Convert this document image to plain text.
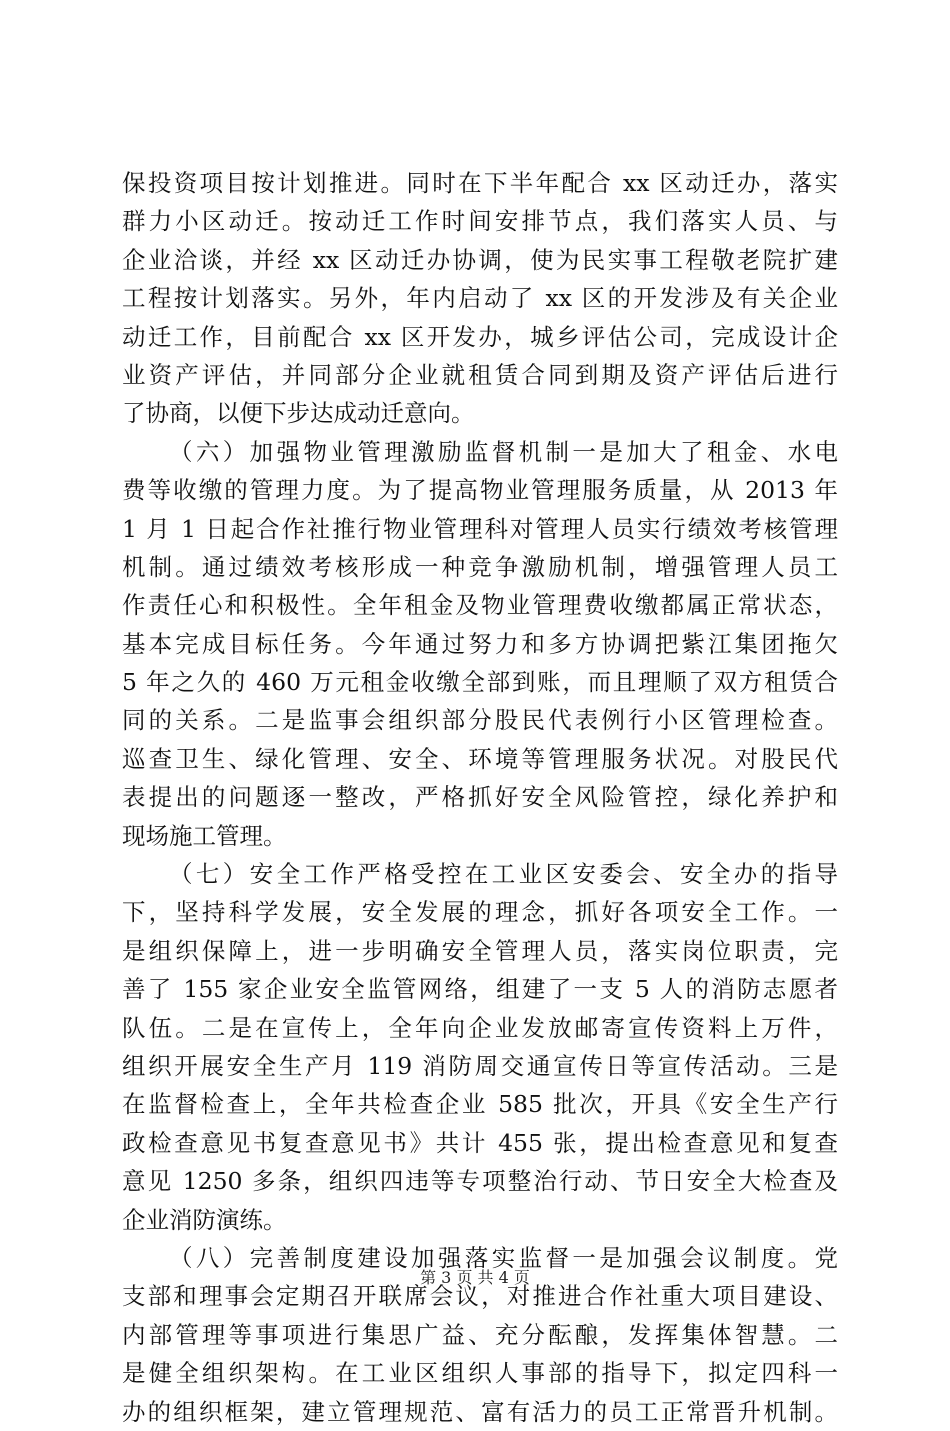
保投资项目按计划推进。同时在下半年配合 xx 区动迁办，落实
群力小区动迁。按动迁工作时间安排节点，我们落实人员、与
企业洽谈，并经 xx 区动迁办协调，使为民实事工程敬老院扩建
工程按计划落实。另外，年内启动了 xx 区的开发涉及有关企业
动迁工作，目前配合 xx 区开发办，城乡评估公司，完成设计企
业资产评估，并同部分企业就租赁合同到期及资产评估后进行
了协商，以便下步达成动迁意向。
（六）加强物业管理激励监督机制一是加大了租金、水电
费等收缴的管理力度。为了提高物业管理服务质量，从 2013 年
1 月 1 日起合作社推行物业管理科对管理人员实行绩效考核管理
机制。通过绩效考核形成一种竞争激励机制，增强管理人员工
作责任心和积极性。全年租金及物业管理费收缴都属正常状态，
基本完成目标任务。今年通过努力和多方协调把紫江集团拖欠
5 年之久的 460 万元租金收缴全部到账，而且理顺了双方租赁合
同的关系。二是监事会组织部分股民代表例行小区管理检查。
巡查卫生、绿化管理、安全、环境等管理服务状况。对股民代
表提出的问题逐一整改，严格抓好安全风险管控，绿化养护和
现场施工管理。
（七）安全工作严格受控在工业区安委会、安全办的指导
下，坚持科学发展，安全发展的理念，抓好各项安全工作。一
是组织保障上，进一步明确安全管理人员，落实岗位职责，完
善了 155 家企业安全监管网络，组建了一支 5 人的消防志愿者
队伍。二是在宣传上，全年向企业发放邮寄宣传资料上万件，
组织开展安全生产月 119 消防周交通宣传日等宣传活动。三是
在监督检查上，全年共检查企业 585 批次，开具《安全生产行
政检查意见书复查意见书》共计 455 张，提出检查意见和复查
意见 1250 多条，组织四违等专项整治行动、节日安全大检查及
企业消防演练。
（八）完善制度建设加强落实监督一是加强会议制度。党
支部和理事会定期召开联席会议，对推进合作社重大项目建设、
内部管理等事项进行集思广益、充分酝酿，发挥集体智慧。二
是健全组织架构。在工业区组织人事部的指导下，拟定四科一
办的组织框架，建立管理规范、富有活力的员工正常晋升机制。
第 3 页 共 4 页
